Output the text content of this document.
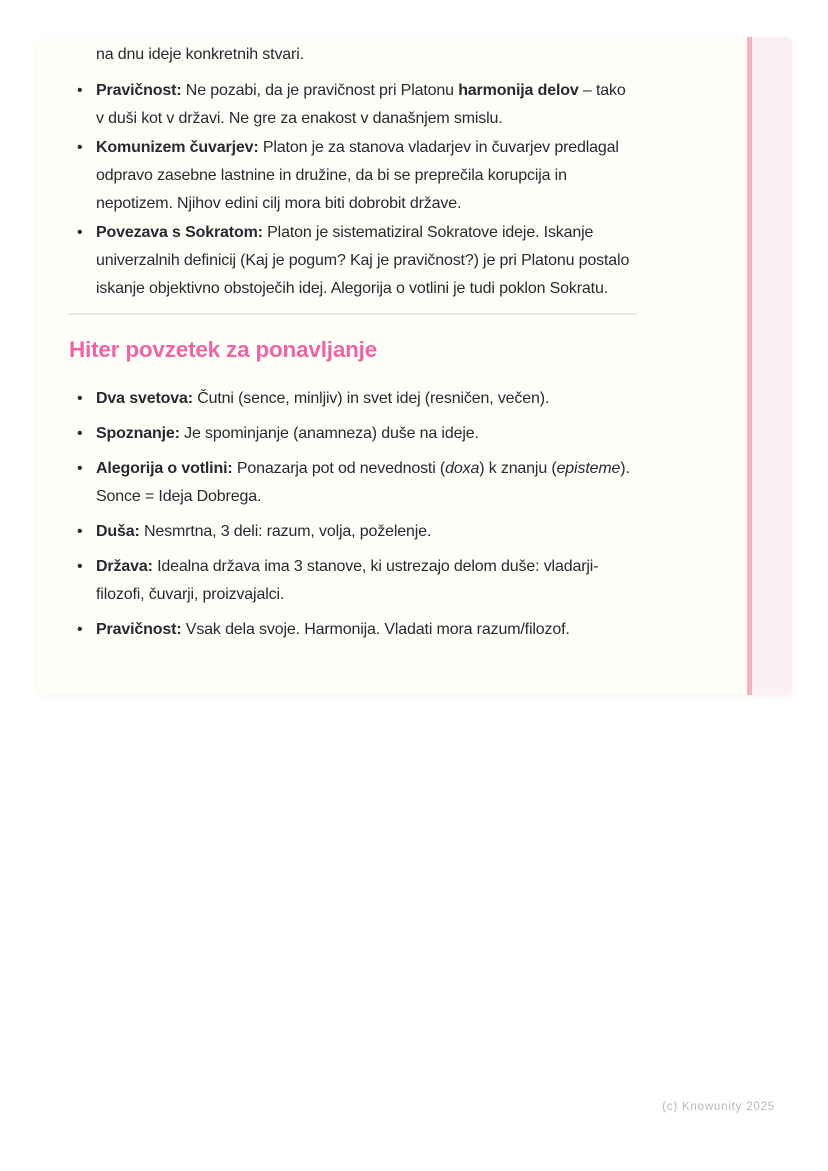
na dnu ideje konkretnih stvari.

• Pravičnost: Ne pozabi, da je pravičnost pri Platonu harmonija delov – tako v duši kot v državi. Ne gre za enakost v današnjem smislu.
• Komunizem čuvarjev: Platon je za stanova vladarjev in čuvarjev predlagal odpravo zasebne lastnine in družine, da bi se preprečila korupcija in nepotizem. Njihov edini cilj mora biti dobrobit države.
• Povezava s Sokratom: Platon je sistematiziral Sokratove ideje. Iskanje univerzalnih definicij (Kaj je pogum? Kaj je pravičnost?) je pri Platonu postalo iskanje objektivno obstoječih idej. Alegorija o votlini je tudi poklon Sokratu.
Hiter povzetek za ponavljanje
• Dva svetova: Čutni (sence, minljiv) in svet idej (resničen, večen).
• Spoznanje: Je spominjanje (anamneza) duše na ideje.
• Alegorija o votlini: Ponazarja pot od nevednosti (doxa) k znanju (episteme). Sonce = Ideja Dobrega.
• Duša: Nesmrtna, 3 deli: razum, volja, poželenje.
• Država: Idealna država ima 3 stanove, ki ustrezajo delom duše: vladarji-filozofi, čuvarji, proizvajalci.
• Pravičnost: Vsak dela svoje. Harmonija. Vladati mora razum/filozof.
(c) Knowunity 2025
